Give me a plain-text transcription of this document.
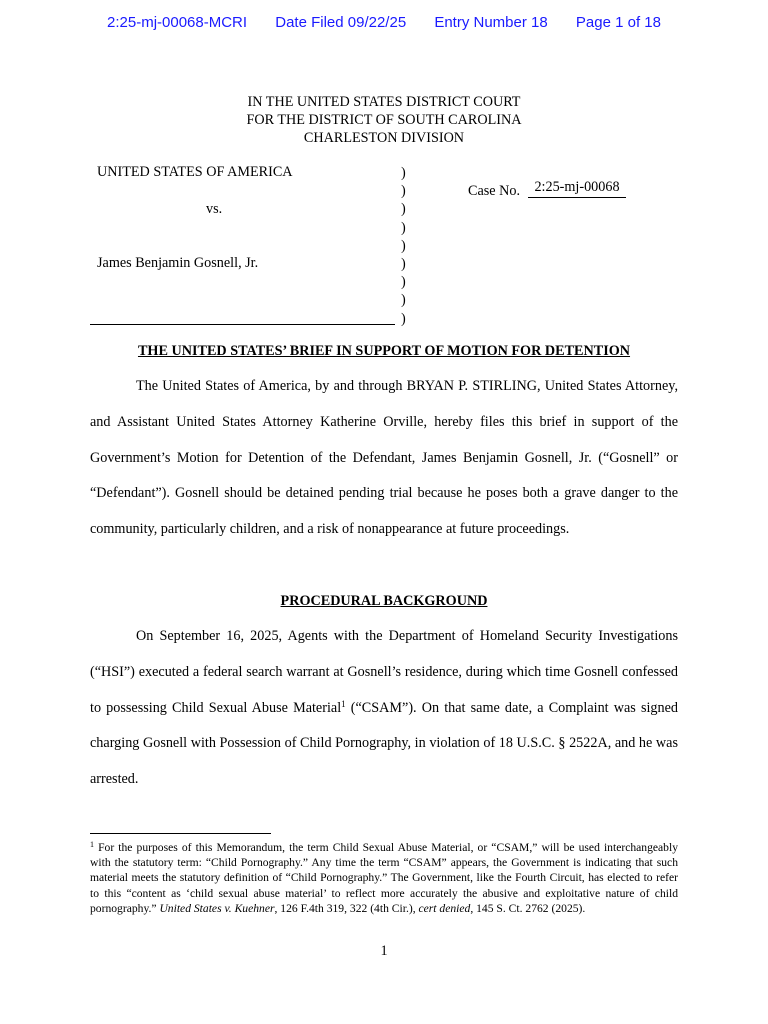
2:25-mj-00068-MCRI Date Filed 09/22/25 Entry Number 18 Page 1 of 18
IN THE UNITED STATES DISTRICT COURT
FOR THE DISTRICT OF SOUTH CAROLINA
CHARLESTON DIVISION
UNITED STATES OF AMERICA
vs.
James Benjamin Gosnell, Jr.
)
)
)
)
)
)
)
)
)
Case No.	2:25-mj-00068
THE UNITED STATES’ BRIEF IN SUPPORT OF MOTION FOR DETENTION

The United States of America, by and through BRYAN P. STIRLING, United States Attorney, and Assistant United States Attorney Katherine Orville, hereby files this brief in support of the Government’s Motion for Detention of the Defendant, James Benjamin Gosnell, Jr. (“Gosnell” or “Defendant”). Gosnell should be detained pending trial because he poses both a grave danger to the community, particularly children, and a risk of nonappearance at future proceedings.

PROCEDURAL BACKGROUND

On September 16, 2025, Agents with the Department of Homeland Security Investigations (“HSI”) executed a federal search warrant at Gosnell’s residence, during which time Gosnell confessed to possessing Child Sexual Abuse Material$^1$ (“CSAM”). On that same date, a Complaint was signed charging Gosnell with Possession of Child Pornography, in violation of 18 U.S.C. § 2522A, and he was arrested.

$^1$ For the purposes of this Memorandum, the term Child Sexual Abuse Material, or “CSAM,” will be used interchangeably with the statutory term: “Child Pornography.” Any time the term “CSAM” appears, the Government is indicating that such material meets the statutory definition of “Child Pornography.” The Government, like the Fourth Circuit, has elected to refer to this “content as ‘child sexual abuse material’ to reflect more accurately the abusive and exploitative nature of child pornography.” United States v. Kuehner, 126 F.4th 319, 322 (4th Cir.), cert denied, 145 S. Ct. 2762 (2025).

1
